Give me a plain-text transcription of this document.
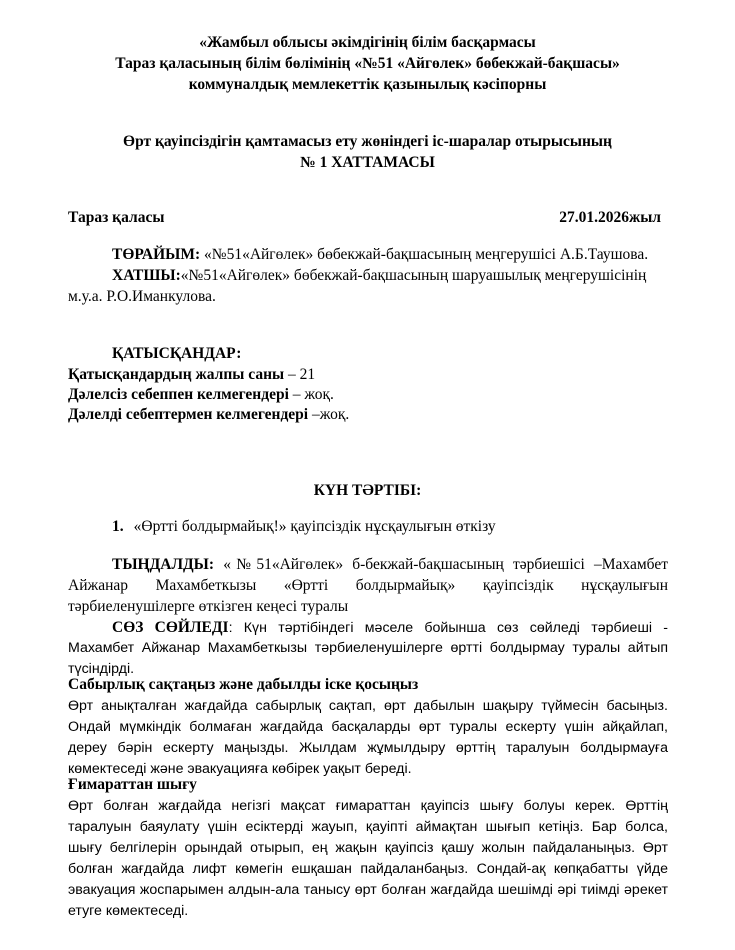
«Жамбыл облысы әкімдігінің білім басқармасы
Тараз қаласының білім бөлімінің «№51 «Айгөлек» бөбекжай-бақшасы»
коммуналдық мемлекеттік қазынылық кәсіпорны
Өрт қауіпсіздігін қамтамасыз ету жөніндегі іс-шаралар отырысының
№ 1 ХАТТАМАСЫ
Тараз қаласы	27.01.2026жыл
ТӨРАЙЫМ: «№51«Айгөлек» бөбекжай-бақшасының меңгерушісі А.Б.Таушова.
ХАТШЫ:«№51«Айгөлек» бөбекжай-бақшасының шаруашылық меңгерушісінің
м.у.а. Р.О.Иманкулова.
ҚАТЫСҚАНДАР:
Қатысқандардың жалпы саны – 21
Дәлелсіз себеппен келмегендері – жоқ.
Дәлелді себептермен келмегендері –жоқ.
КҮН ТӘРТІБІ:
1. «Өртті болдырмайық!» қауіпсіздік нұсқаулығын өткізу
ТЫҢДАЛДЫ: «№51«Айгөлек» б-бекжай-бақшасының тәрбиешісі –Махамбет
Айжанар Махамбеткызы «Өртті болдырмайық» қауіпсіздік нұсқаулығын
тәрбиеленушілерге өткізген кеңесі туралы
СӨЗ СӨЙЛЕДІ: Күн тәртібіндегі мәселе бойынша сөз сөйледі тәрбиеші -
Махамбет Айжанар Махамбеткызы тәрбиеленушілерге өртті болдырмау туралы айтып
түсіндірді.
Сабырлық сақтаңыз және дабылды іске қосыңыз
Өрт анықталған жағдайда сабырлық сақтап, өрт дабылын шақыру түймесін басыңыз.
Ондай мүмкіндік болмаған жағдайда басқаларды өрт туралы ескерту үшін айқайлап,
дереу бәрін ескерту маңызды. Жылдам жұмылдыру өрттің таралуын болдырмауға
көмектеседі және эвакуацияға көбірек уақыт береді.
Ғимараттан шығу
Өрт болған жағдайда негізгі мақсат ғимараттан қауіпсіз шығу болуы керек. Өрттің
таралуын баяулату үшін есіктерді жауып, қауіпті аймақтан шығып кетіңіз. Бар болса,
шығу белгілерін орындай отырып, ең жақын қауіпсіз қашу жолын пайдаланыңыз. Өрт
болған жағдайда лифт көмегін ешқашан пайдаланбаңыз. Сондай-ақ көпқабатты үйде
эвакуация жоспарымен алдын-ала танысу өрт болған жағдайда шешімді әрі тиімді әрекет
етуге көмектеседі.
